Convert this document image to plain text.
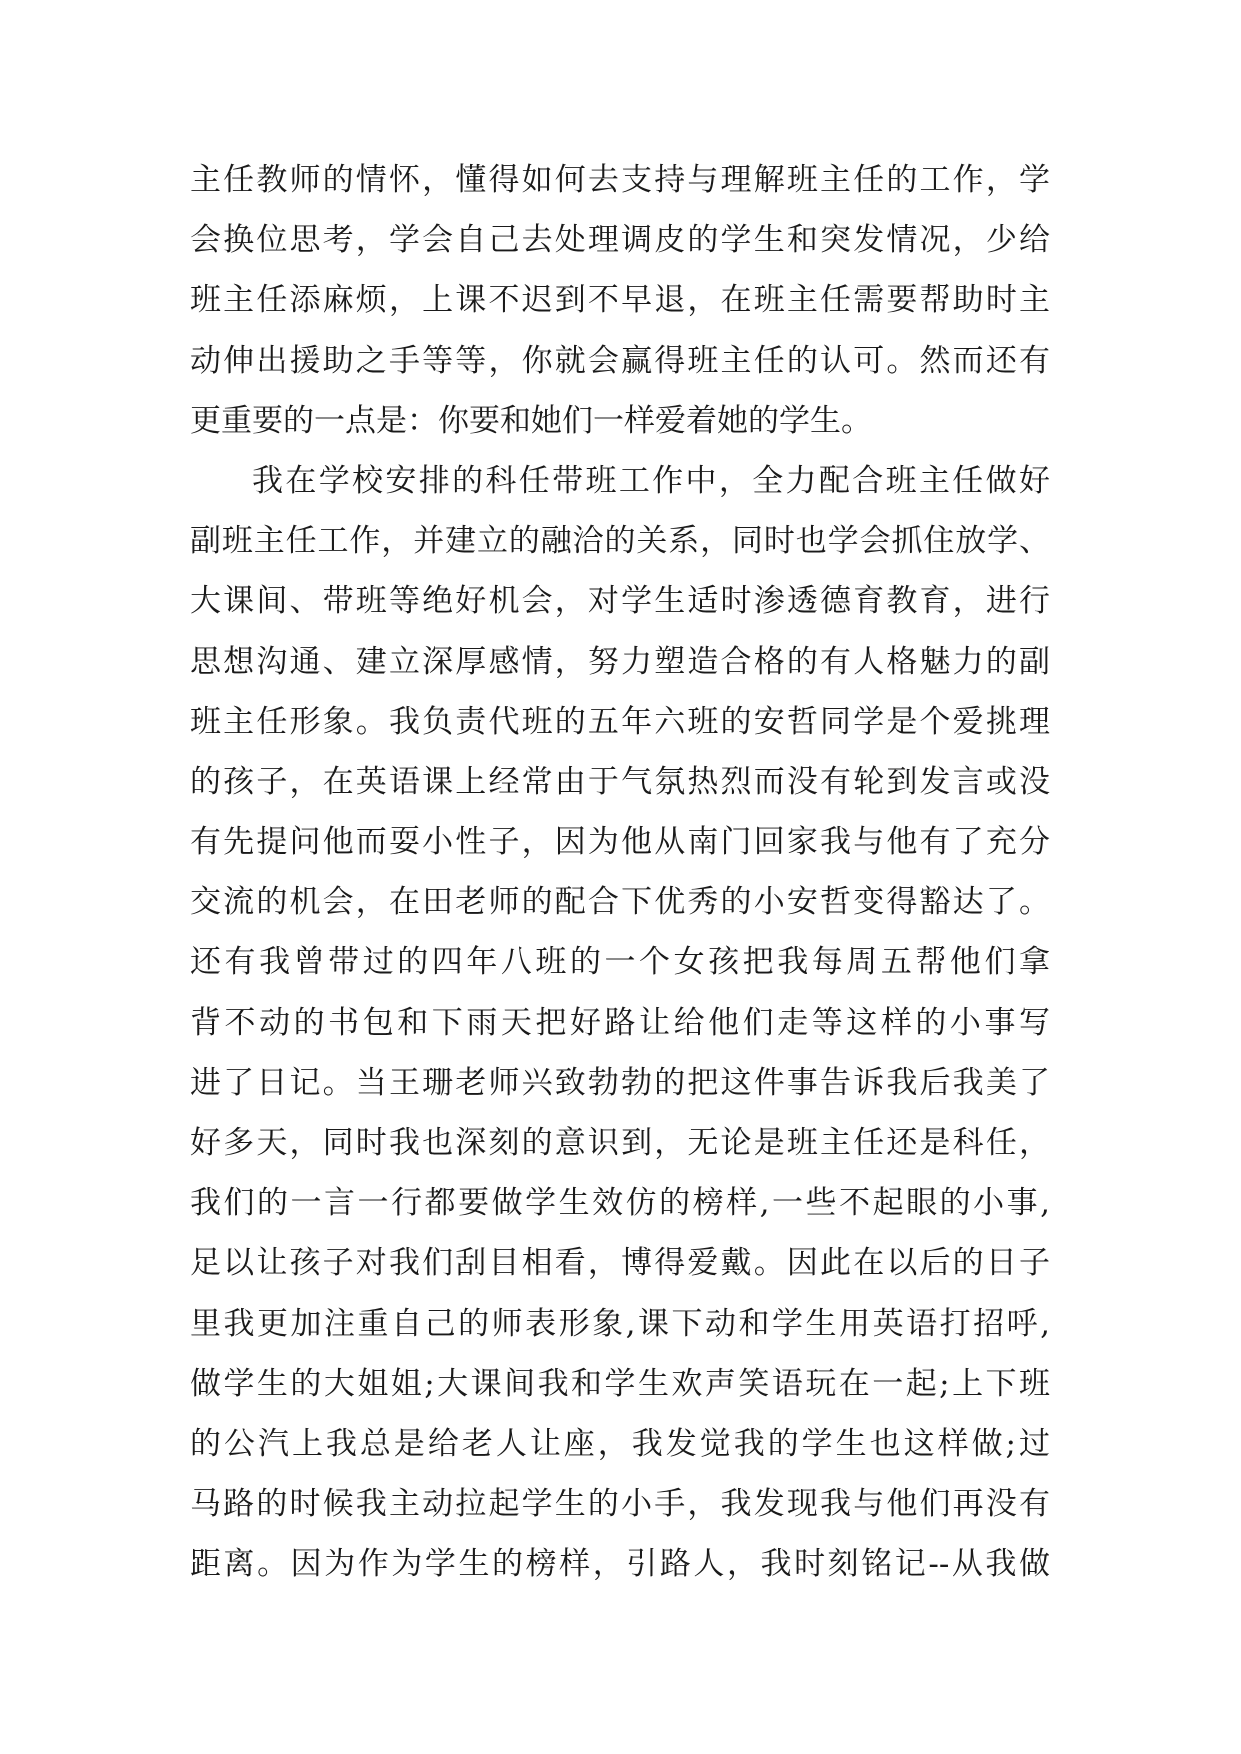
主任教师的情怀，懂得如何去支持与理解班主任的工作，学
会换位思考，学会自己去处理调皮的学生和突发情况，少给
班主任添麻烦，上课不迟到不早退，在班主任需要帮助时主
动伸出援助之手等等，你就会赢得班主任的认可。然而还有
更重要的一点是：你要和她们一样爱着她的学生。
我在学校安排的科任带班工作中，全力配合班主任做好
副班主任工作，并建立的融洽的关系，同时也学会抓住放学、
大课间、带班等绝好机会，对学生适时渗透德育教育，进行
思想沟通、建立深厚感情，努力塑造合格的有人格魅力的副
班主任形象。我负责代班的五年六班的安哲同学是个爱挑理
的孩子，在英语课上经常由于气氛热烈而没有轮到发言或没
有先提问他而耍小性子，因为他从南门回家我与他有了充分
交流的机会，在田老师的配合下优秀的小安哲变得豁达了。
还有我曾带过的四年八班的一个女孩把我每周五帮他们拿
背不动的书包和下雨天把好路让给他们走等这样的小事写
进了日记。当王珊老师兴致勃勃的把这件事告诉我后我美了
好多天，同时我也深刻的意识到，无论是班主任还是科任，
我们的一言一行都要做学生效仿的榜样,一些不起眼的小事,
足以让孩子对我们刮目相看，博得爱戴。因此在以后的日子
里我更加注重自己的师表形象,课下动和学生用英语打招呼,
做学生的大姐姐;大课间我和学生欢声笑语玩在一起;上下班
的公汽上我总是给老人让座，我发觉我的学生也这样做;过
马路的时候我主动拉起学生的小手，我发现我与他们再没有
距离。因为作为学生的榜样，引路人，我时刻铭记--从我做
